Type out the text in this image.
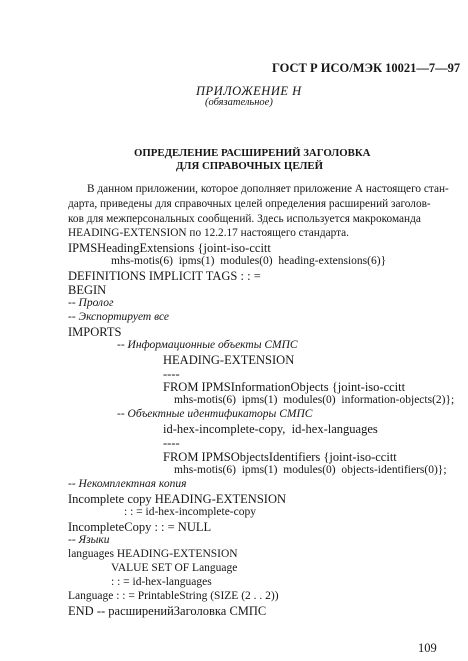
ГОСТ Р ИСО/МЭК 10021—7—97
ПРИЛОЖЕНИЕ Н
(обязательное)
ОПРЕДЕЛЕНИЕ РАСШИРЕНИЙ ЗАГОЛОВКА
ДЛЯ СПРАВОЧНЫХ ЦЕЛЕЙ
В данном приложении, которое дополняет приложение А настоящего стан-
дарта, приведены для справочных целей определения расширений заголов-
ков для межперсональных сообщений. Здесь используется макрокоманда
HEADING-EXTENSION по 12.2.17 настоящего стандарта.
IPMSHeadingExtensions {joint-iso-ccitt
mhs-motis(6)  ipms(1)  modules(0)  heading-extensions(6)}
DEFINITIONS IMPLICIT TAGS : : =
BEGIN
-- Пролог
-- Экспортирует все
IMPORTS
-- Информационные объекты СМПС
HEADING-EXTENSION
----
FROM IPMSInformationObjects {joint-iso-ccitt
mhs-motis(6)  ipms(1)  modules(0)  information-objects(2)};
-- Объектные идентификаторы СМПС
id-hex-incomplete-copy,  id-hex-languages
----
FROM IPMSObjectsIdentifiers {joint-iso-ccitt
mhs-motis(6)  ipms(1)  modules(0)  objects-identifiers(0)};
-- Некомплектная копия
Incomplete copy HEADING-EXTENSION
: : = id-hex-incomplete-copy
IncompleteCopy : : = NULL
-- Языки
languages HEADING-EXTENSION
VALUE SET OF Language
: : = id-hex-languages
Language : : = PrintableString (SIZE (2 . . 2))
END -- расширенийЗаголовка СМПС
109
